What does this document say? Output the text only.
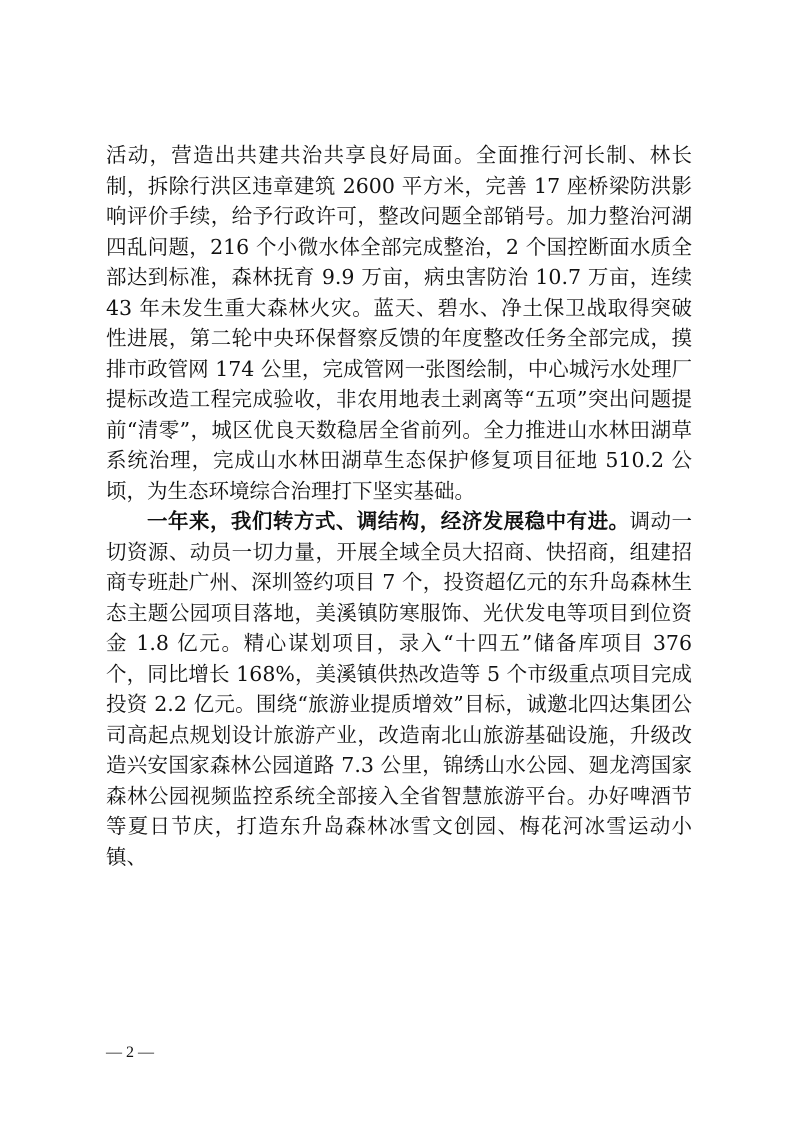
活动，营造出共建共治共享良好局面。全面推行河长制、林长制，拆除行洪区违章建筑 2600 平方米，完善 17 座桥梁防洪影响评价手续，给予行政许可，整改问题全部销号。加力整治河湖四乱问题，216 个小微水体全部完成整治，2 个国控断面水质全部达到标准，森林抚育 9.9 万亩，病虫害防治 10.7 万亩，连续 43 年未发生重大森林火灾。蓝天、碧水、净土保卫战取得突破性进展，第二轮中央环保督察反馈的年度整改任务全部完成，摸排市政管网 174 公里，完成管网一张图绘制，中心城污水处理厂提标改造工程完成验收，非农用地表土剥离等“五项”突出问题提前“清零”，城区优良天数稳居全省前列。全力推进山水林田湖草系统治理，完成山水林田湖草生态保护修复项目征地 510.2 公顷，为生态环境综合治理打下坚实基础。

一年来，我们转方式、调结构，经济发展稳中有进。调动一切资源、动员一切力量，开展全域全员大招商、快招商，组建招商专班赴广州、深圳签约项目 7 个，投资超亿元的东升岛森林生态主题公园项目落地，美溪镇防寒服饰、光伏发电等项目到位资金 1.8 亿元。精心谋划项目，录入“十四五”储备库项目 376 个，同比增长 168%，美溪镇供热改造等 5 个市级重点项目完成投资 2.2 亿元。围绕“旅游业提质增效”目标，诚邀北四达集团公司高起点规划设计旅游产业，改造南北山旅游基础设施，升级改造兴安国家森林公园道路 7.3 公里，锦绣山水公园、廻龙湾国家森林公园视频监控系统全部接入全省智慧旅游平台。办好啤酒节等夏日节庆，打造东升岛森林冰雪文创园、梅花河冰雪运动小镇、

— 2 —
